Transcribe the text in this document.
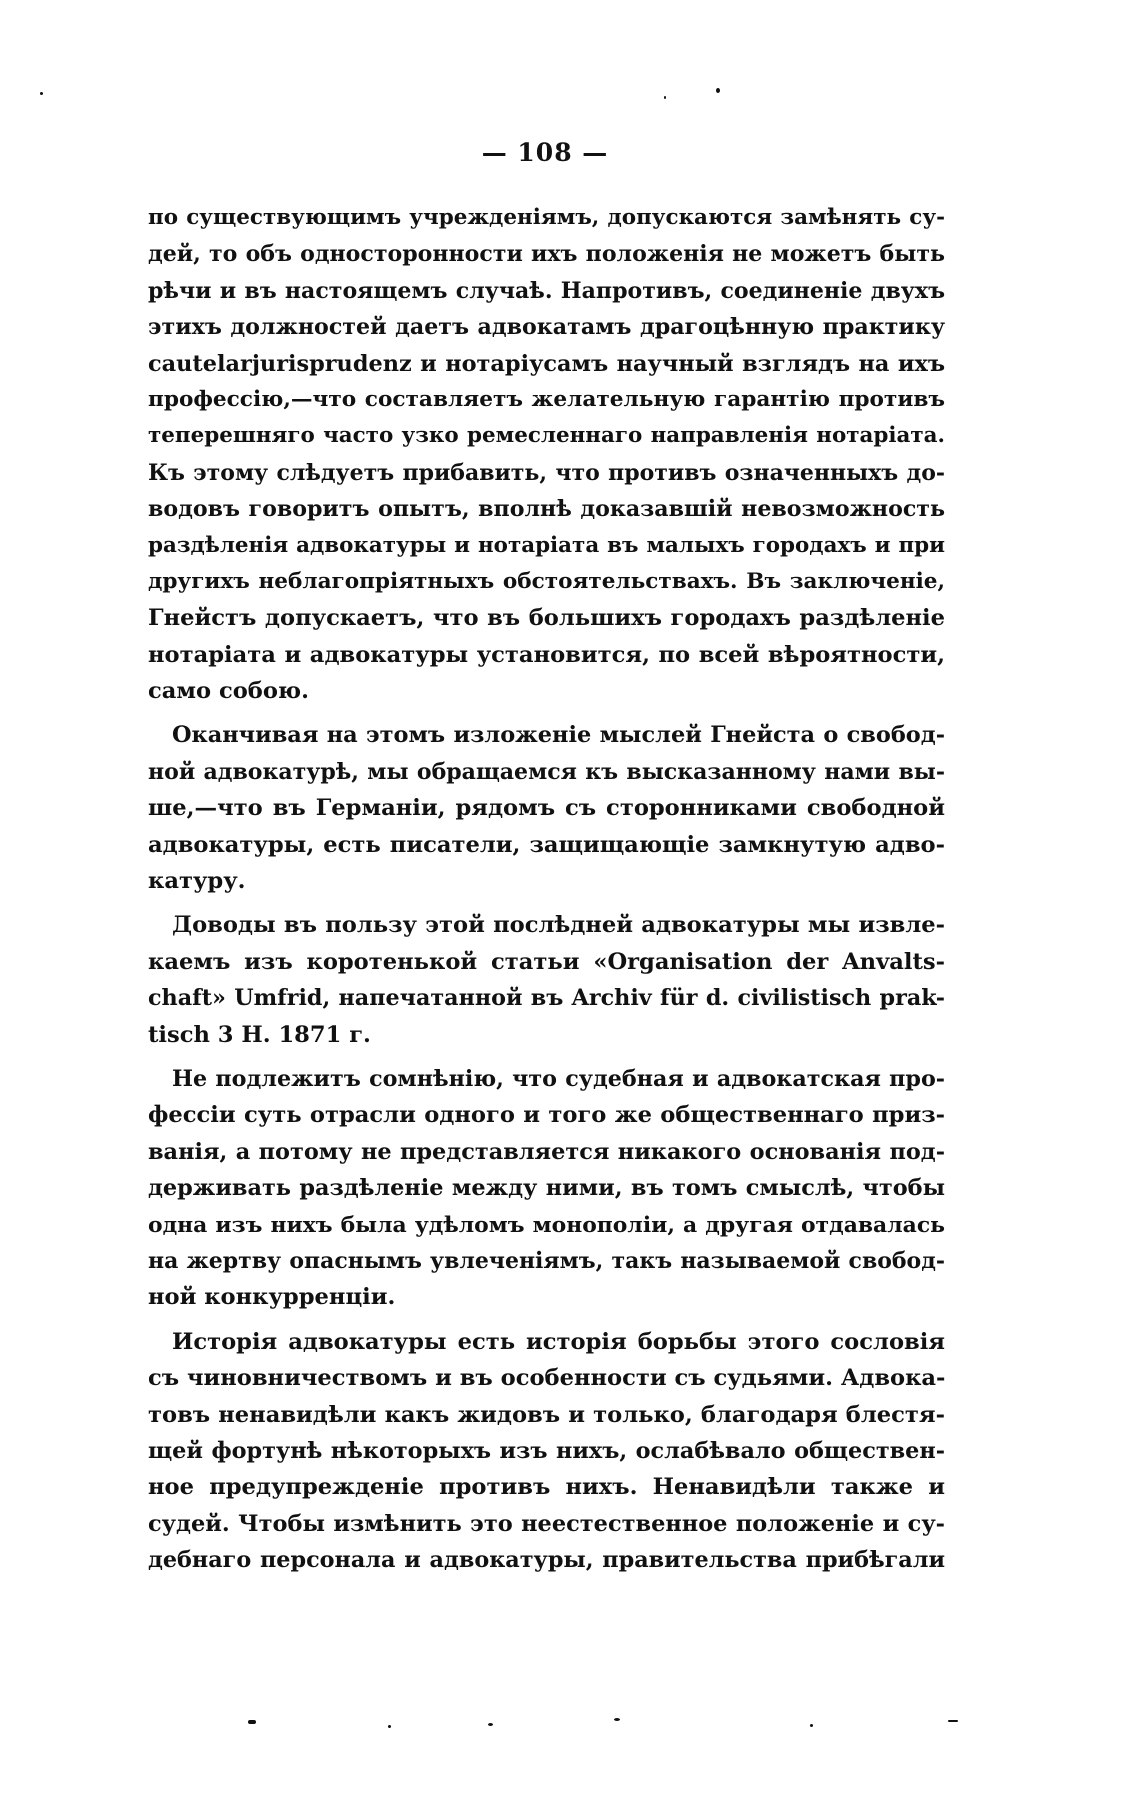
— 108 —
по существующимъ учрежденіямъ, допускаются замѣнять су-
дей, то объ односторонности ихъ положенія не можетъ быть
рѣчи и въ настоящемъ случаѣ. Напротивъ, соединеніе двухъ
этихъ должностей даетъ адвокатамъ драгоцѣнную практику
cautelarjurisprudenz и нотаріусамъ научный взглядъ на ихъ
профессію,—что составляетъ желательную гарантію противъ
теперешняго часто узко ремесленнаго направленія нотаріата.
Къ этому слѣдуетъ прибавить, что противъ означенныхъ до-
водовъ говоритъ опытъ, вполнѣ доказавшій невозможность
раздѣленія адвокатуры и нотаріата въ малыхъ городахъ и при
другихъ неблагопріятныхъ обстоятельствахъ. Въ заключеніе,
Гнейстъ допускаетъ, что въ большихъ городахъ раздѣленіе
нотаріата и адвокатуры установится, по всей вѣроятности,
само собою.
Оканчивая на этомъ изложеніе мыслей Гнейста о свобод-
ной адвокатурѣ, мы обращаемся къ высказанному нами вы-
ше,—что въ Германіи, рядомъ съ сторонниками свободной
адвокатуры, есть писатели, защищающіе замкнутую адво-
катуру.
Доводы въ пользу этой послѣдней адвокатуры мы извле-
каемъ изъ коротенькой статьи «Organisation der Anvalts-
chaft» Umfrid, напечатанной въ Archiv für d. civilistisch prak-
tisch 3 H. 1871 г.
Не подлежитъ сомнѣнію, что судебная и адвокатская про-
фессіи суть отрасли одного и того же общественнаго приз-
ванія, а потому не представляется никакого основанія под-
держивать раздѣленіе между ними, въ томъ смыслѣ, чтобы
одна изъ нихъ была удѣломъ монополіи, а другая отдавалась
на жертву опаснымъ увлеченіямъ, такъ называемой свобод-
ной конкурренціи.
Исторія адвокатуры есть исторія борьбы этого сословія
съ чиновничествомъ и въ особенности съ судьями. Адвока-
товъ ненавидѣли какъ жидовъ и только, благодаря блестя-
щей фортунѣ нѣкоторыхъ изъ нихъ, ослабѣвало обществен-
ное предупрежденіе противъ нихъ. Ненавидѣли также и
судей. Чтобы измѣнить это неестественное положеніе и су-
дебнаго персонала и адвокатуры, правительства прибѣгали
